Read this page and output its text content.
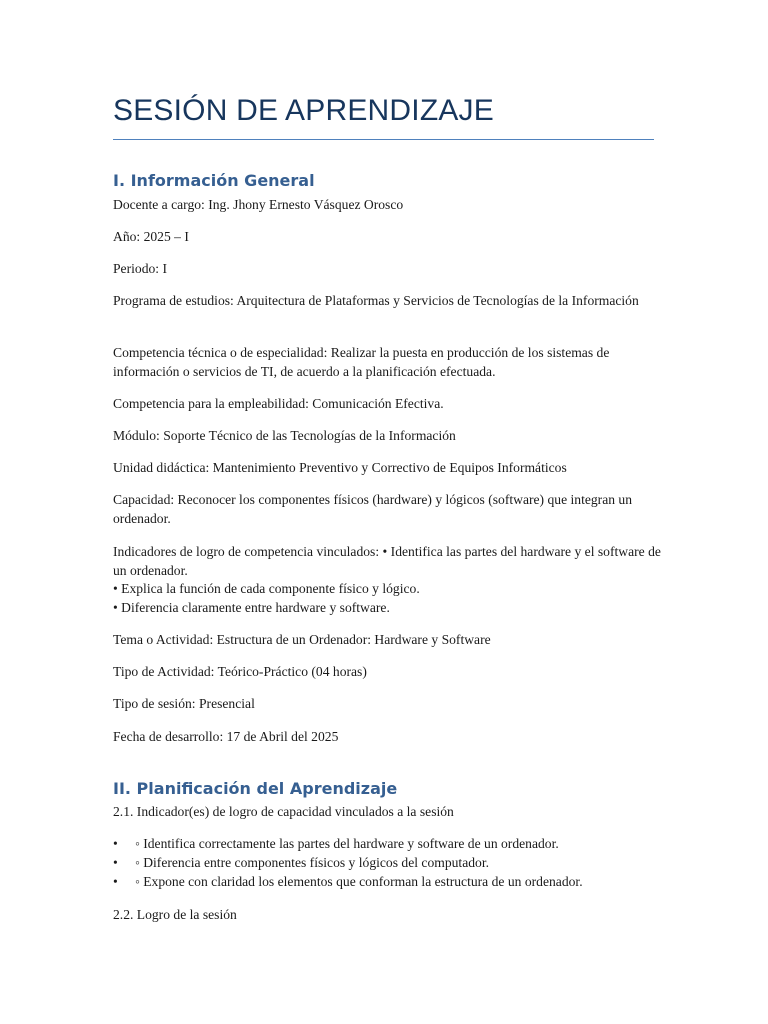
SESIÓN DE APRENDIZAJE
I. Información General

Docente a cargo: Ing. Jhony Ernesto Vásquez Orosco

Año: 2025 – I

Periodo: I

Programa de estudios: Arquitectura de Plataformas y Servicios de Tecnologías de la Información

Competencia técnica o de especialidad: Realizar la puesta en producción de los sistemas de información o servicios de TI, de acuerdo a la planificación efectuada.

Competencia para la empleabilidad: Comunicación Efectiva.

Módulo: Soporte Técnico de las Tecnologías de la Información

Unidad didáctica: Mantenimiento Preventivo y Correctivo de Equipos Informáticos

Capacidad: Reconocer los componentes físicos (hardware) y lógicos (software) que integran un ordenador.

Indicadores de logro de competencia vinculados: • Identifica las partes del hardware y el software de un ordenador.
• Explica la función de cada componente físico y lógico.
• Diferencia claramente entre hardware y software.

Tema o Actividad: Estructura de un Ordenador: Hardware y Software

Tipo de Actividad: Teórico-Práctico (04 horas)

Tipo de sesión: Presencial

Fecha de desarrollo: 17 de Abril del 2025

II. Planificación del Aprendizaje

2.1. Indicador(es) de logro de capacidad vinculados a la sesión

• ◦ Identifica correctamente las partes del hardware y software de un ordenador.
• ◦ Diferencia entre componentes físicos y lógicos del computador.
• ◦ Expone con claridad los elementos que conforman la estructura de un ordenador.

2.2. Logro de la sesión
